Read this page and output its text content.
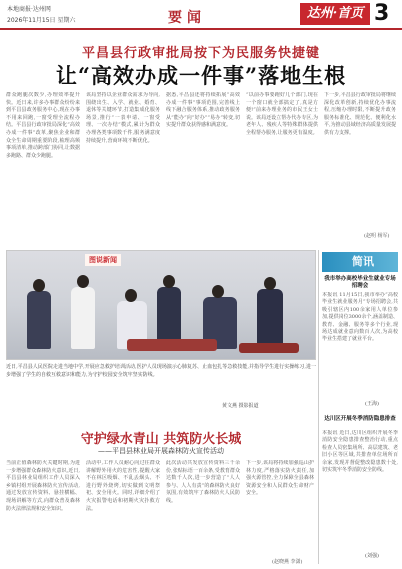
本地商报·达州网
2026年11月15日 星期六	要闻	达州·首页 3
平昌县行政审批局按下为民服务快捷键
让“高效办成一件事”落地生根
群众跑腿次数少,办理效率提升快。近日来,许多办事群众纷纷来到平昌县政务服务中心,现在办事不用来回跑,一窗受理全流程办结。平昌县行政审批局深化“高效办成一件事”改革,聚焦企业和群众全生命周期重要阶段,梳理高频事项清单,推动跨部门协同,让数据多跑路、群众少跑腿。
该局坚持以企业群众需求为导向,围绕出生、入学、就业、婚育、退休等关键环节,打造集成化服务场景,推行“一表申请、一窗受理、一次办结”模式,累计为群众办理各类事项数千件,服务满意度持续提升,营商环境不断优化。
据悉,平昌县还将持续拓展“高效办成一件事”事项范围,完善线上线下融合服务体系,推动政务服务从“能办”向“好办”“易办”转变,切实提升群众获得感和满意度。
“以前办事要跑好几个部门,现在一个窗口就全部搞定了,真是方便!”前来办理业务的市民王女士说。该局还设立帮办代办专区,为老年人、残疾人等特殊群体提供全程帮办服务,让服务更有温度。
下一步,平昌县行政审批局将继续深化改革创新,持续优化办事流程,压缩办理时限,不断提升政务服务标准化、规范化、便利化水平,为推动县域经济高质量发展提供有力支撑。
(赵明 杨军)
图说新闻
近日,平昌县人民医院走进当地中学,开展应急救护培训活动,医护人员现场演示心肺复苏、止血包扎等急救技能,并指导学生进行实操练习,进一步增强了学生的自救互救意识和能力,为守护校园安全筑牢坚实防线。
黄文燕 摄影报道
守护绿水青山 共筑防火长城
——平昌县林业局开展森林防火宣传活动
当前正值森林防火关键时期,为进一步增强群众森林防火意识,近日,平昌县林业局组织工作人员深入乡镇村组开展森林防火宣传活动,通过发放宣传资料、悬挂横幅、现场讲解等方式,向群众普及森林防火法律法规和安全知识。
活动中,工作人员耐心向过往群众讲解野外用火的危害性,提醒大家不在林区吸烟、不乱丢烟头、不进行野外烧烤,切实做到文明祭祀、安全用火。同时,详细介绍了火灾报警电话和初期火灾扑救方法。
此次活动共发放宣传资料三千余份,张贴标语一百余条,受教育群众达数千人次,进一步营造了“人人参与、人人有责”的森林防火良好氛围,有效筑牢了森林防火人民防线。
下一步,该局将持续加强巡山护林力度,严格落实防火责任,加强火源管控,全力保障全县森林资源安全和人民群众生命财产安全。
(赵晓燕 李潇)
简讯
我市举办高校毕业生就业专场招聘会
本报讯 11月15日,我市举办“高校毕业生就业服务月”专场招聘会,共吸引辖区内100余家用人单位参加,提供岗位3000余个,涵盖制造、教育、金融、服务等多个行业,现场达成就业意向数百人次,为高校毕业生搭建了就业平台。
(王海)
达川区开展冬季消防隐患排查
本报讯 近日,达川区组织开展冬季消防安全隐患排查整治行动,重点检查人员密集场所、高层建筑、老旧小区等区域,共排查单位场所百余家,发现并督促整改隐患数十处,切实筑牢冬季消防安全防线。
(刘强)
